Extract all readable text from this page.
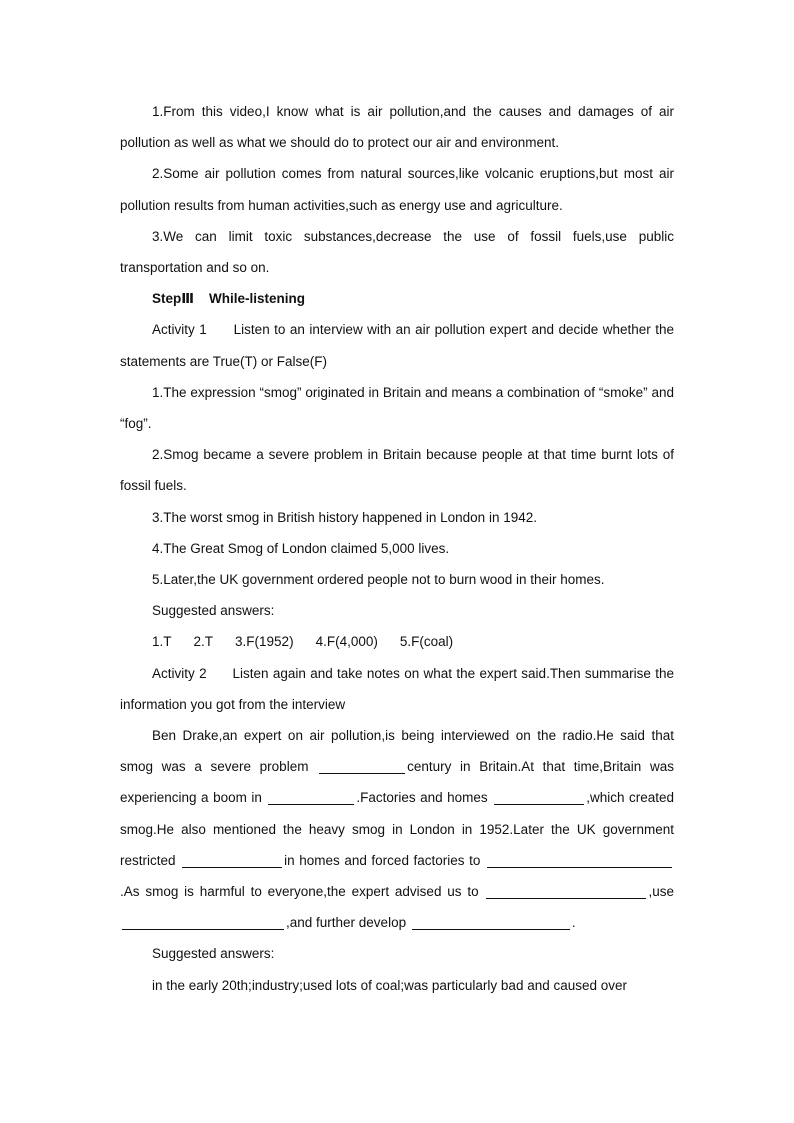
1.From this video,I know what is air pollution,and the causes and damages of air pollution as well as what we should do to protect our air and environment.

2.Some air pollution comes from natural sources,like volcanic eruptions,but most air pollution results from human activities,such as energy use and agriculture.

3.We can limit toxic substances,decrease the use of fossil fuels,use public transportation and so on.

StepⅢ    While-listening

Activity 1 Listen to an interview with an air pollution expert and decide whether the statements are True(T) or False(F)

1.The expression “smog” originated in Britain and means a combination of “smoke” and “fog”.

2.Smog became a severe problem in Britain because people at that time burnt lots of fossil fuels.

3.The worst smog in British history happened in London in 1942.

4.The Great Smog of London claimed 5,000 lives.

5.Later,the UK government ordered people not to burn wood in their homes.

Suggested answers:

1.T 2.T 3.F(1952) 4.F(4,000) 5.F(coal)

Activity 2 Listen again and take notes on what the expert said.Then summarise the information you got from the interview

Ben Drake,an expert on air pollution,is being interviewed on the radio.He said that smog was a severe problem	century in Britain.At that time,Britain was experiencing a boom in	.Factories and homes	,which created smog.He also mentioned the heavy smog in London in 1952.Later the UK government restricted	in homes and forced factories to .As smog is harmful to everyone,the expert advised us to	,use ,and further develop	.

Suggested answers:

in the early 20th;industry;used lots of coal;was particularly bad and caused over
